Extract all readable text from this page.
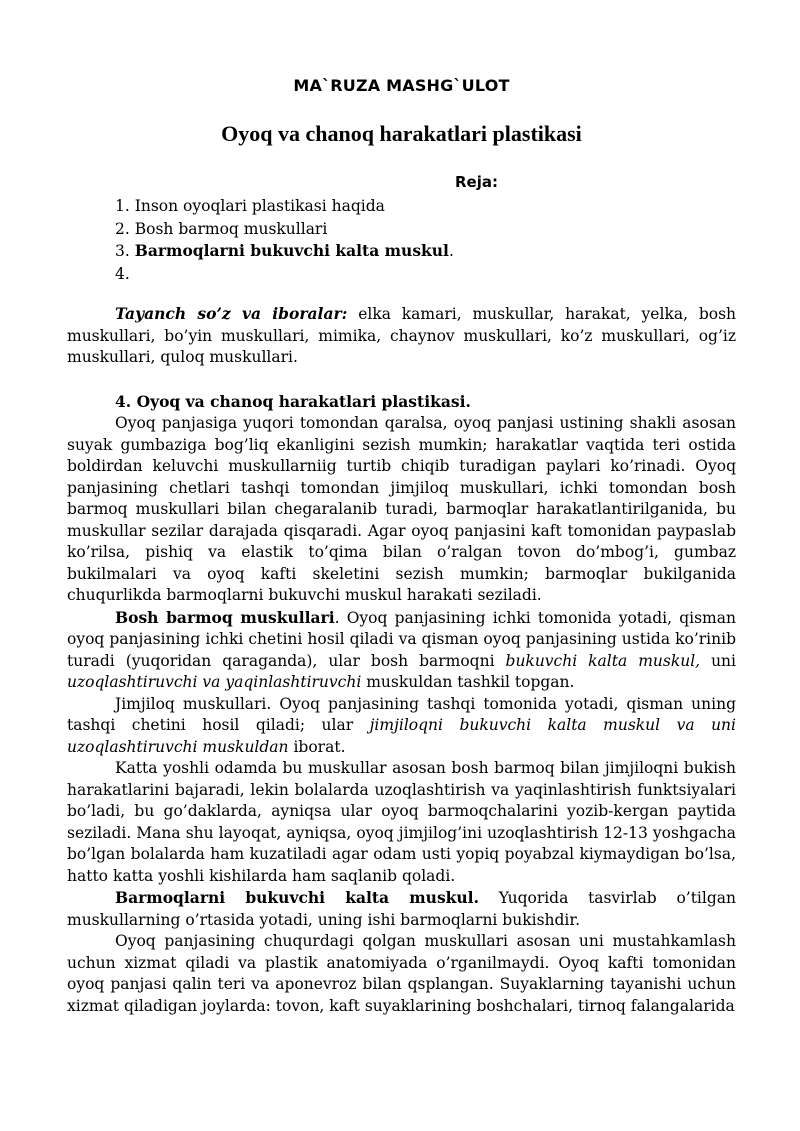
MA`RUZA MASHG`ULOT
Oyoq va chanoq harakatlari plastikasi
Reja:
1. Inson oyoqlari plastikasi haqida
2. Bosh barmoq muskullari
3. Barmoqlarni bukuvchi kalta muskul.
4.

Tayanch so’z va iboralar: elka kamari, muskullar, harakat, yelka, bosh muskullari, bo’yin muskullari, mimika, chaynov muskullari, ko’z muskullari, og’iz muskullari, quloq muskullari.

4. Oyoq va chanoq harakatlari plastikasi.

Oyoq panjasiga yuqori tomondan qaralsa, oyoq panjasi ustining shakli asosan suyak gumbaziga bog’liq ekanligini sezish mumkin; harakatlar vaqtida teri ostida boldirdan keluvchi muskullarniig turtib chiqib turadigan paylari ko’rinadi. Oyoq panjasining chetlari tashqi tomondan jimjiloq muskullari, ichki tomondan bosh barmoq muskullari bilan chegaralanib turadi, barmoqlar harakatlantirilganida, bu muskullar sezilar darajada qisqaradi. Agar oyoq panjasini kaft tomonidan paypaslab ko’rilsa, pishiq va elastik to’qima bilan o’ralgan tovon do’mbog’i, gumbaz bukilmalari va oyoq kafti skeletini sezish mumkin; barmoqlar bukilganida chuqurlikda barmoqlarni bukuvchi muskul harakati seziladi.

Bosh barmoq muskullari. Oyoq panjasining ichki tomonida yotadi, qisman oyoq panjasining ichki chetini hosil qiladi va qisman oyoq panjasining ustida ko’rinib turadi (yuqoridan qaraganda), ular bosh barmoqni bukuvchi kalta muskul, uni uzoqlashtiruvchi va yaqinlashtiruvchi muskuldan tashkil topgan.

Jimjiloq muskullari. Oyoq panjasining tashqi tomonida yotadi, qisman uning tashqi chetini hosil qiladi; ular jimjiloqni bukuvchi kalta muskul va uni uzoqlashtiruvchi muskuldan iborat.

Katta yoshli odamda bu muskullar asosan bosh barmoq bilan jimjiloqni bukish harakatlarini bajaradi, lekin bolalarda uzoqlashtirish va yaqinlashtirish funktsiyalari bo’ladi, bu go’daklarda, ayniqsa ular oyoq barmoqchalarini yozib-kergan paytida seziladi. Mana shu layoqat, ayniqsa, oyoq jimjilog’ini uzoqlashtirish 12-13 yoshgacha bo’lgan bolalarda ham kuzatiladi agar odam usti yopiq poyabzal kiymaydigan bo’lsa, hatto katta yoshli kishilarda ham saqlanib qoladi.

Barmoqlarni bukuvchi kalta muskul. Yuqorida tasvirlab o’tilgan muskullarning o’rtasida yotadi, uning ishi barmoqlarni bukishdir.

Oyoq panjasining chuqurdagi qolgan muskullari asosan uni mustahkamlash uchun xizmat qiladi va plastik anatomiyada o’rganilmaydi. Oyoq kafti tomonidan oyoq panjasi qalin teri va aponevroz bilan qsplangan. Suyaklarning tayanishi uchun xizmat qiladigan joylarda: tovon, kaft suyaklarining boshchalari, tirnoq falangalarida
